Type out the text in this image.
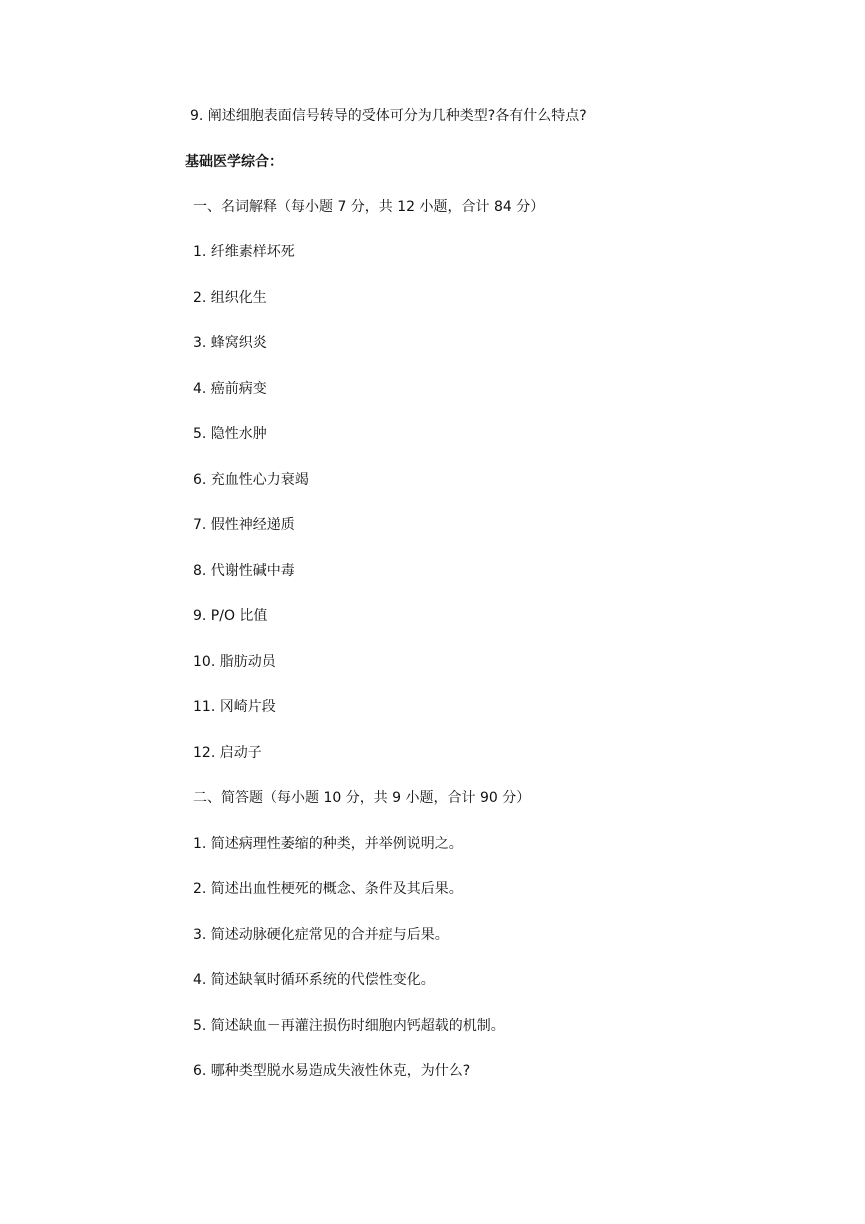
9. 阐述细胞表面信号转导的受体可分为几种类型?各有什么特点?
基础医学综合：
一、名词解释（每小题 7 分，共 12 小题，合计 84 分）
1. 纤维素样坏死
2. 组织化生
3. 蜂窝织炎
4. 癌前病变
5. 隐性水肿
6. 充血性心力衰竭
7. 假性神经递质
8. 代谢性碱中毒
9. P/O 比值
10. 脂肪动员
11. 冈崎片段
12. 启动子
二、简答题（每小题 10 分，共 9 小题，合计 90 分）
1. 简述病理性萎缩的种类，并举例说明之。
2. 简述出血性梗死的概念、条件及其后果。
3. 简述动脉硬化症常见的合并症与后果。
4. 简述缺氧时循环系统的代偿性变化。
5. 简述缺血－再灌注损伤时细胞内钙超载的机制。
6. 哪种类型脱水易造成失液性休克，为什么?
